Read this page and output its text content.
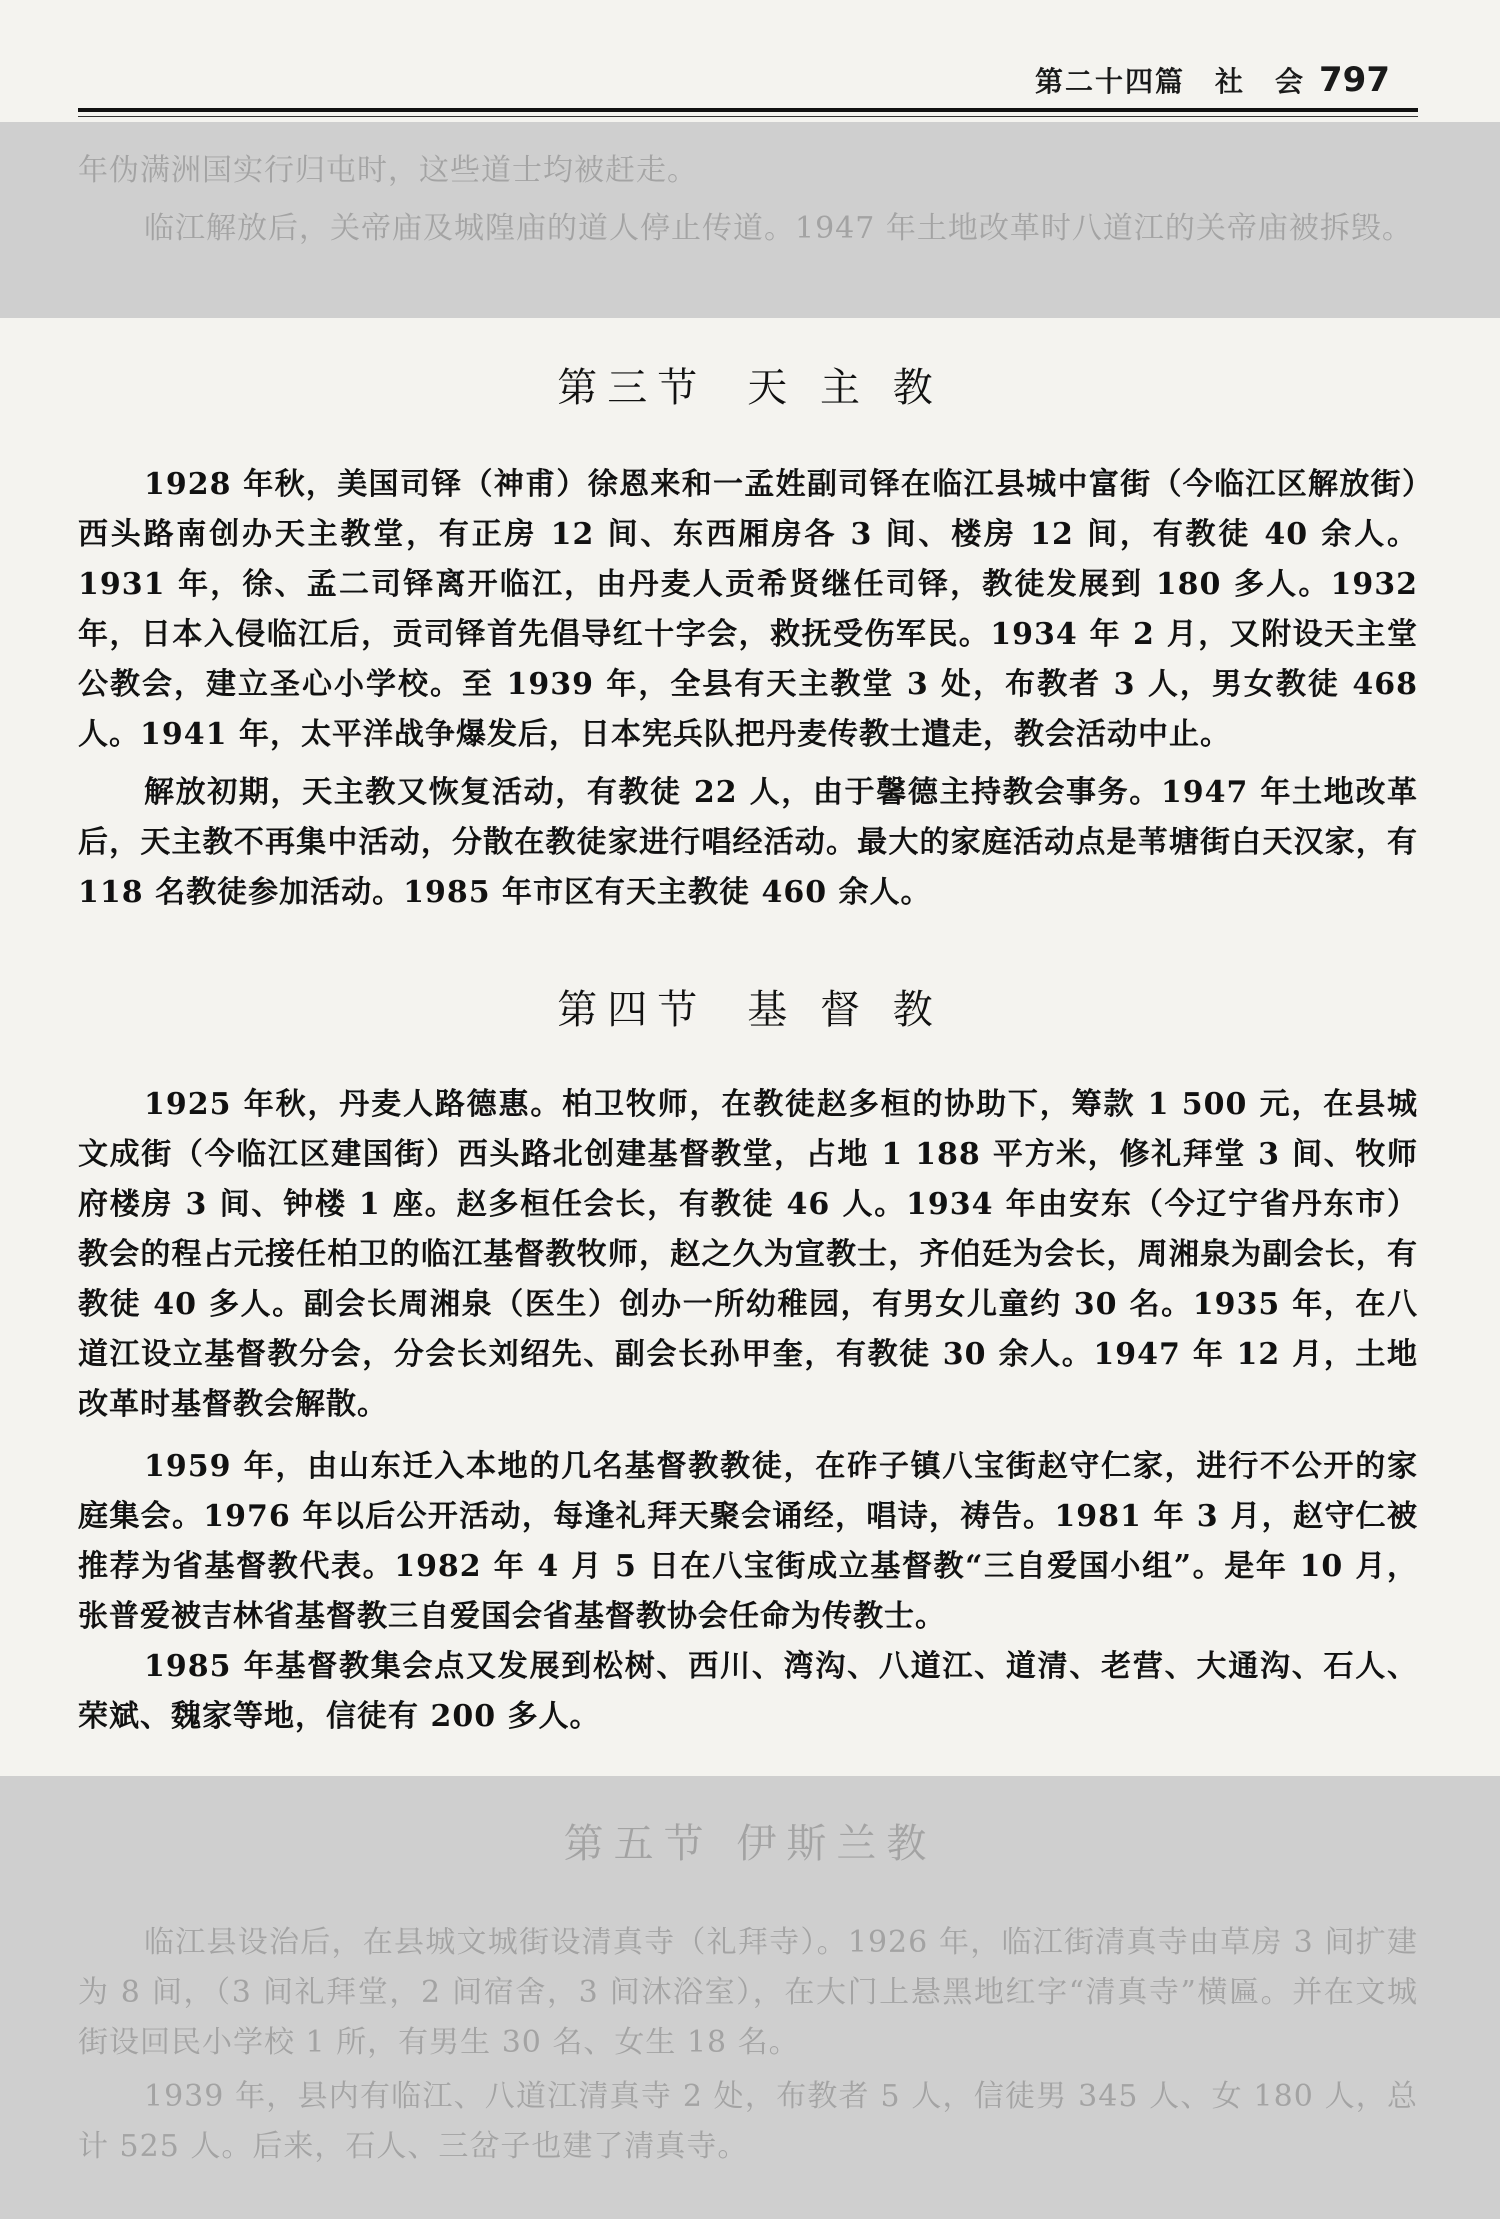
第二十四篇　社　会 797

年伪满洲国实行归屯时，这些道士均被赶走。

临江解放后，关帝庙及城隍庙的道人停止传道。1947 年土地改革时八道江的关帝庙被拆毁。

第三节 天 主 教

1928 年秋，美国司铎（神甫）徐恩来和一孟姓副司铎在临江县城中富街（今临江区解放街）西头路南创办天主教堂，有正房 12 间、东西厢房各 3 间、楼房 12 间，有教徒 40 余人。1931 年，徐、孟二司铎离开临江，由丹麦人贡希贤继任司铎，教徒发展到 180 多人。1932 年，日本入侵临江后，贡司铎首先倡导红十字会，救抚受伤军民。1934 年 2 月，又附设天主堂公教会，建立圣心小学校。至 1939 年，全县有天主教堂 3 处，布教者 3 人，男女教徒 468 人。1941 年，太平洋战争爆发后，日本宪兵队把丹麦传教士遣走，教会活动中止。

解放初期，天主教又恢复活动，有教徒 22 人，由于馨德主持教会事务。1947 年土地改革后，天主教不再集中活动，分散在教徒家进行唱经活动。最大的家庭活动点是苇塘街白天汉家，有 118 名教徒参加活动。1985 年市区有天主教徒 460 余人。

第四节 基 督 教

1925 年秋，丹麦人路德惠。柏卫牧师，在教徒赵多桓的协助下，筹款 1 500 元，在县城文成街（今临江区建国街）西头路北创建基督教堂，占地 1 188 平方米，修礼拜堂 3 间、牧师府楼房 3 间、钟楼 1 座。赵多桓任会长，有教徒 46 人。1934 年由安东（今辽宁省丹东市）教会的程占元接任柏卫的临江基督教牧师，赵之久为宣教士，齐伯廷为会长，周湘泉为副会长，有教徒 40 多人。副会长周湘泉（医生）创办一所幼稚园，有男女儿童约 30 名。1935 年，在八道江设立基督教分会，分会长刘绍先、副会长孙甲奎，有教徒 30 余人。1947 年 12 月，土地改革时基督教会解散。

1959 年，由山东迁入本地的几名基督教教徒，在砟子镇八宝街赵守仁家，进行不公开的家庭集会。1976 年以后公开活动，每逢礼拜天聚会诵经，唱诗，祷告。1981 年 3 月，赵守仁被推荐为省基督教代表。1982 年 4 月 5 日在八宝街成立基督教“三自爱国小组”。是年 10 月，张普爱被吉林省基督教三自爱国会省基督教协会任命为传教士。

1985 年基督教集会点又发展到松树、西川、湾沟、八道江、道清、老营、大通沟、石人、荣斌、魏家等地，信徒有 200 多人。

第五节 伊斯兰教

临江县设治后，在县城文城街设清真寺（礼拜寺）。1926 年，临江街清真寺由草房 3 间扩建为 8 间，（3 间礼拜堂，2 间宿舍，3 间沐浴室），在大门上悬黑地红字“清真寺”横匾。并在文城街设回民小学校 1 所，有男生 30 名、女生 18 名。

1939 年，县内有临江、八道江清真寺 2 处，布教者 5 人，信徒男 345 人、女 180 人，总计 525 人。后来，石人、三岔子也建了清真寺。
